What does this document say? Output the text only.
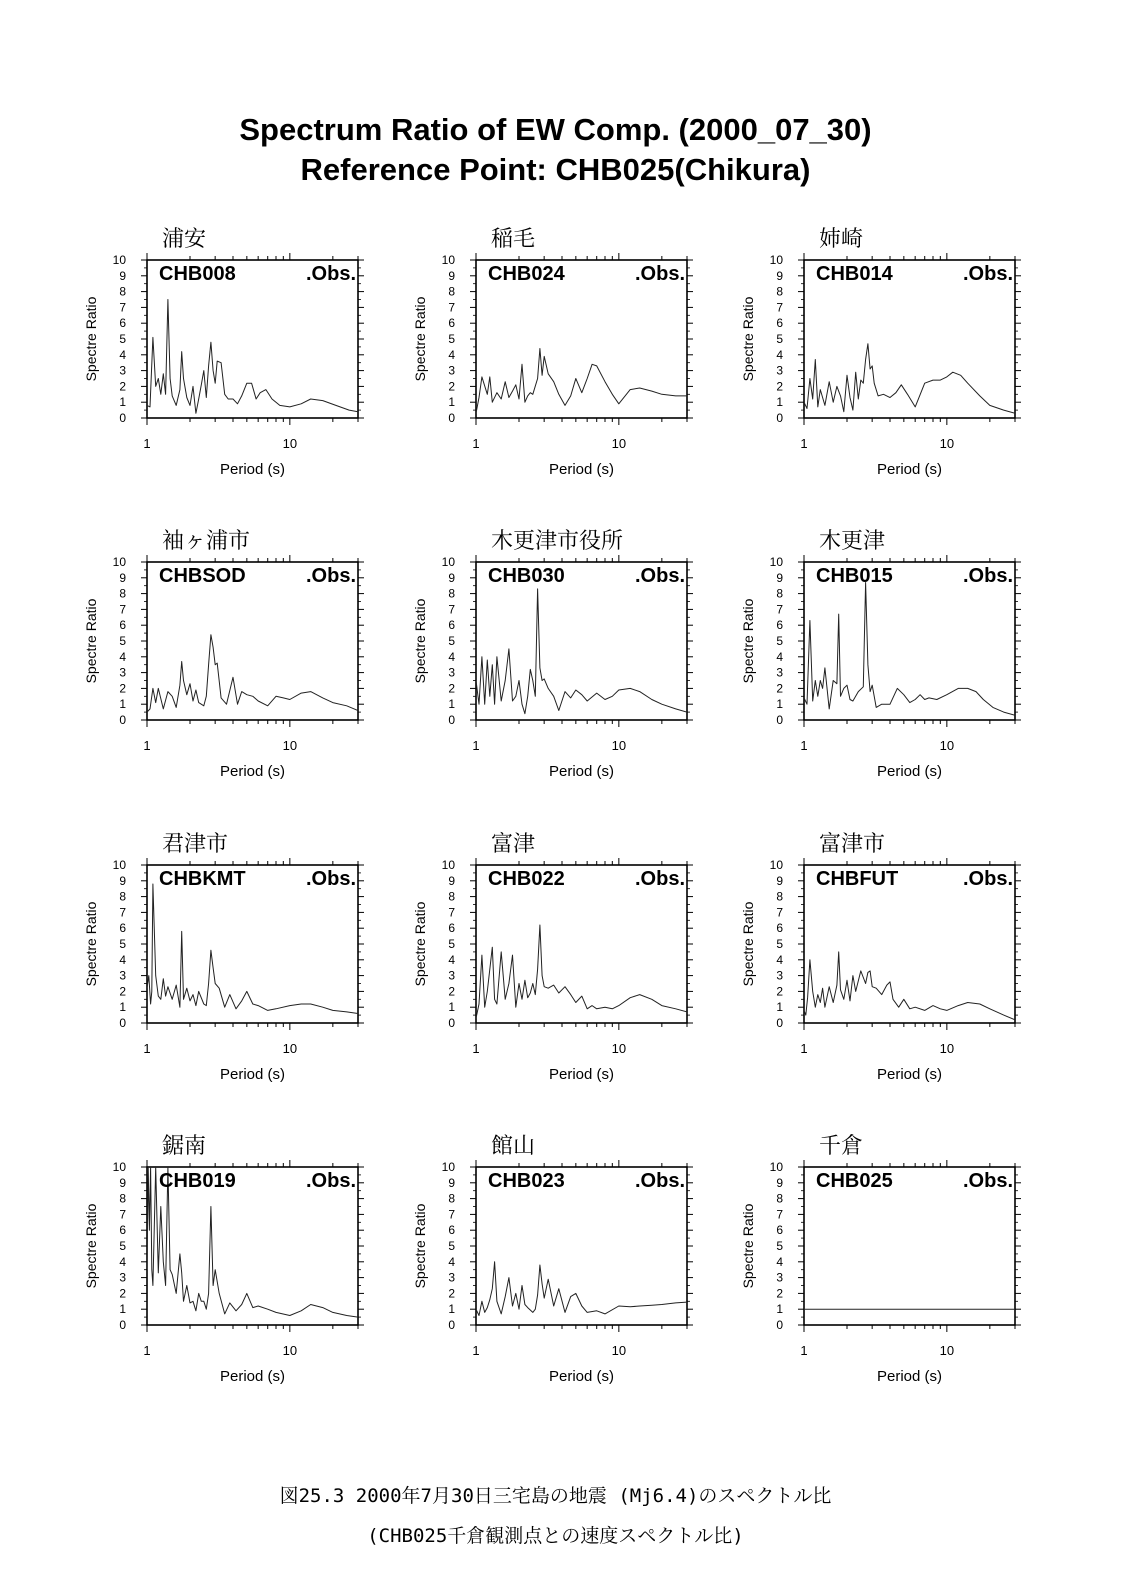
Spectrum Ratio of EW Comp. (2000_07_30)
Reference Point: CHB025(Chikura)
浦安
0
1
2
3
4
5
6
7
8
9
10
1	10
Period (s)
Spectre Ratio
CHB008	.Obs.
稲毛
0
1
2
3
4
5
6
7
8
9
10
1	10
Period (s)
Spectre Ratio
CHB024	.Obs.
姉崎
0
1
2
3
4
5
6
7
8
9
10
1	10
Period (s)
Spectre Ratio
CHB014	.Obs.
袖ヶ浦市
0
1
2
3
4
5
6
7
8
9
10
1	10
Period (s)
Spectre Ratio
CHBSOD	.Obs.
木更津市役所
0
1
2
3
4
5
6
7
8
9
10
1	10
Period (s)
Spectre Ratio
CHB030	.Obs.
木更津
0
1
2
3
4
5
6
7
8
9
10
1	10
Period (s)
Spectre Ratio
CHB015	.Obs.
君津市
0
1
2
3
4
5
6
7
8
9
10
1	10
Period (s)
Spectre Ratio
CHBKMT	.Obs.
富津
0
1
2
3
4
5
6
7
8
9
10
1	10
Period (s)
Spectre Ratio
CHB022	.Obs.
富津市
0
1
2
3
4
5
6
7
8
9
10
1	10
Period (s)
Spectre Ratio
CHBFUT	.Obs.
鋸南
0
1
2
3
4
5
6
7
8
9
10
1	10
Period (s)
Spectre Ratio
CHB019	.Obs.
館山
0
1
2
3
4
5
6
7
8
9
10
1	10
Period (s)
Spectre Ratio
CHB023	.Obs.
千倉
0
1
2
3
4
5
6
7
8
9
10
1	10
Period (s)
Spectre Ratio
CHB025	.Obs.
図25.3 2000年7月30日三宅島の地震 (Mj6.4)のスペクトル比
(CHB025千倉観測点との速度スペクトル比)
